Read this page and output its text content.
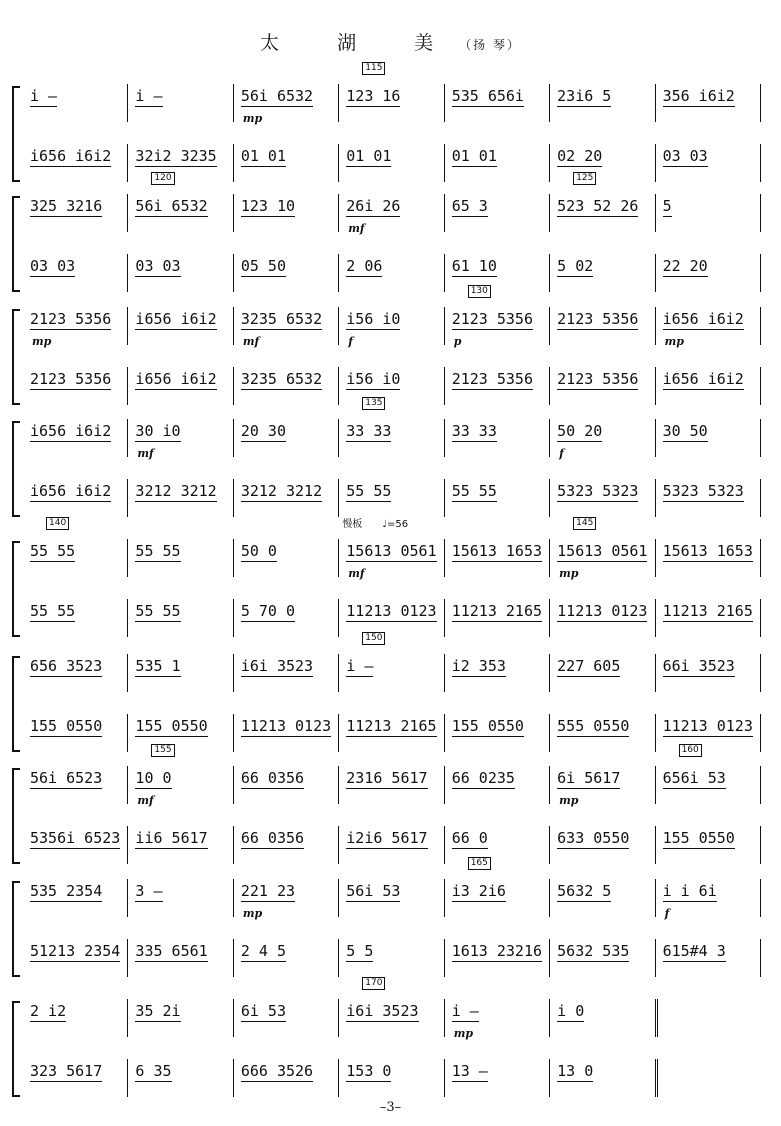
太 湖 美（扬 琴）
i —	i —	56i 6532	123 16	535 656i	23i6 5	356 i6i2
i656 i6i2	32i2 3235	01 01	01 01	01 01	02 20	03 03
115
mp
325 3216	56i 6532	123 10	26i 26	65 3	523 52 26	5
03 03	03 03	05 50	2 06	61 10	5 02	22 20
120	125
mf
2123 5356	i656 i6i2	3235 6532	i56 i0	2123 5356	2123 5356	i656 i6i2
2123 5356	i656 i6i2	3235 6532	i56 i0	2123 5356	2123 5356	i656 i6i2
130
mp	mf	f	p	mp
i656 i6i2	30 i0	20 30	33 33	33 33	50 20	30 50
i656 i6i2	3212 3212	3212 3212	55 55	55 55	5323 5323	5323 5323
135
mf	f
55 55	55 55	50 0	15613 0561	15613 1653	15613 0561	15613 1653
55 55	55 55	5 70 0	11213 0123	11213 2165	11213 0123	11213 2165
140	145
mf	mp
慢板 ♩=56
656 3523	535 1	i6i 3523	i —	i2 353	227 605	66i 3523
155 0550	155 0550	11213 0123	11213 2165	155 0550	555 0550	11213 0123
150
56i 6523	10 0	66 0356	2316 5617	66 0235	6i 5617	656i 53
5356i 6523	ii6 5617	66 0356	i2i6 5617	66 0	633 0550	155 0550
155	160
mf	mp
535 2354	3 —	221 23	56i 53	i3 2i6	5632 5	i i 6i
51213 2354	335 6561	2 4 5	5 5	1613 23216	5632 535	615#4 3
165
mp	f
2 i2	35 2i	6i 53	i6i 3523	i —	i 0
323 5617	6 35	666 3526	153 0	13 —	13 0
170
mp
–3–
